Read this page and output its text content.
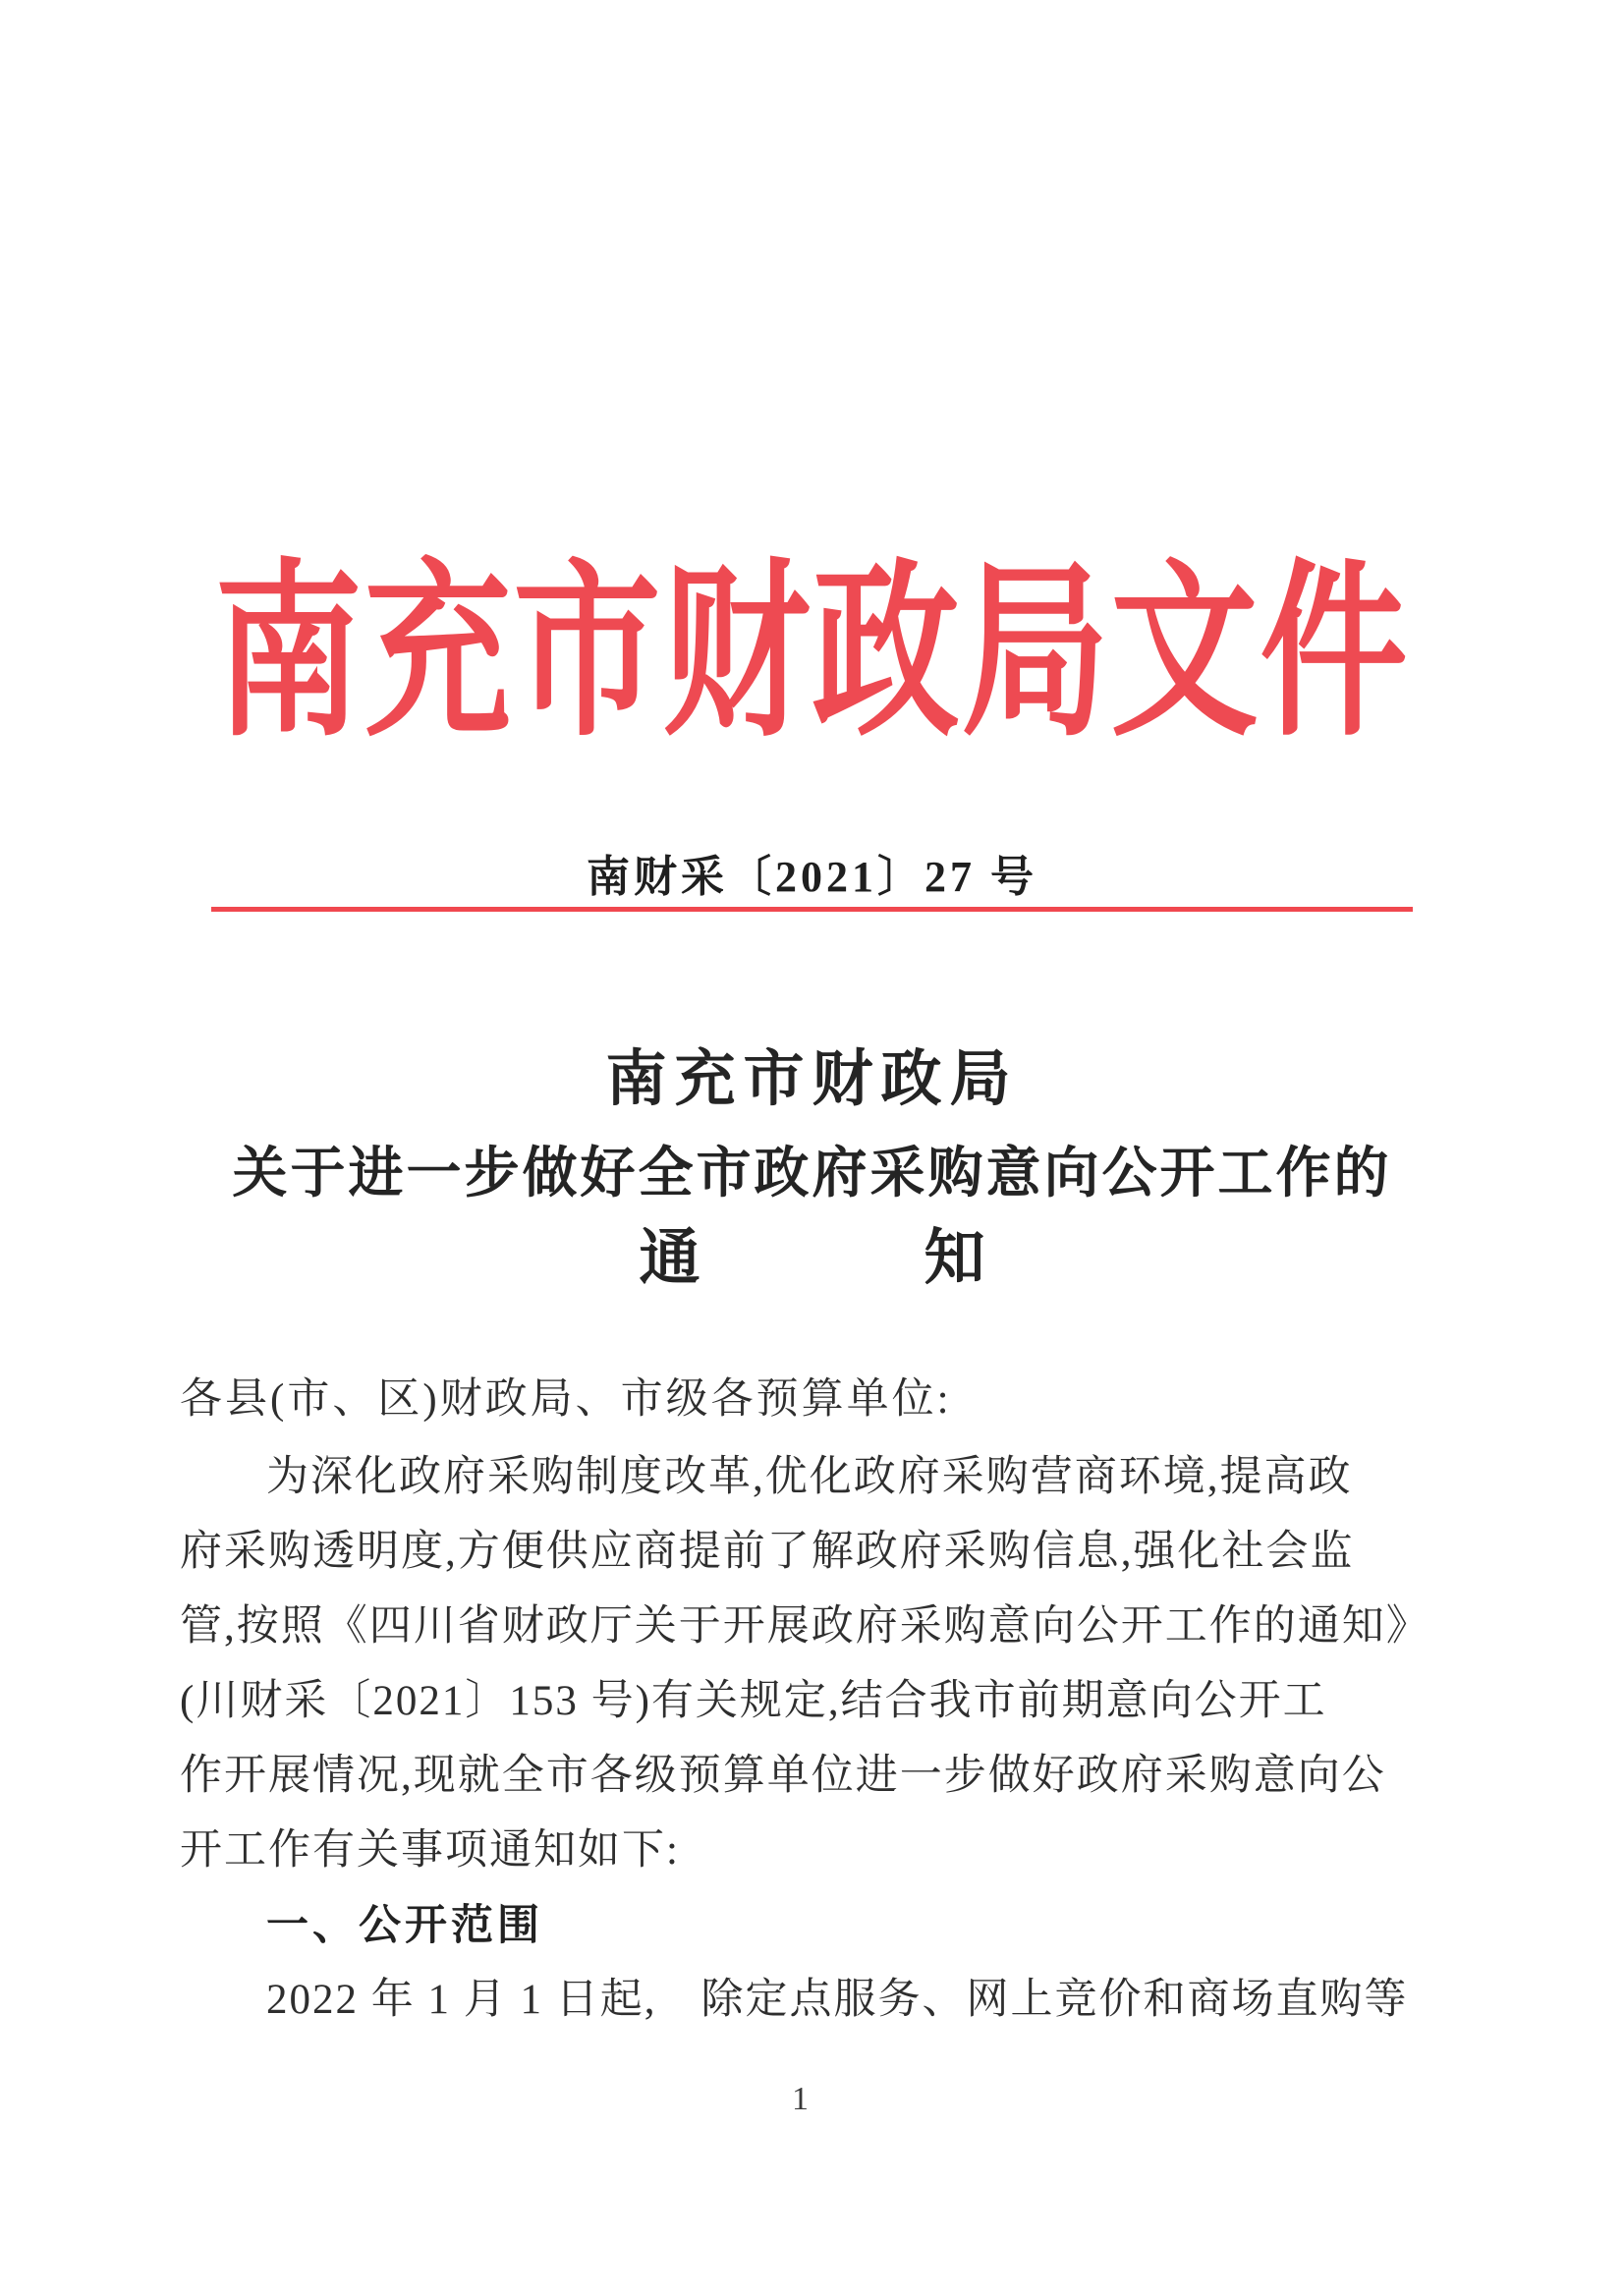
南充市财政局文件
南财采〔2021〕27 号
南充市财政局
关于进一步做好全市政府采购意向公开工作的
通	知
各县(市、区)财政局、市级各预算单位:
为深化政府采购制度改革,优化政府采购营商环境,提高政
府采购透明度,方便供应商提前了解政府采购信息,强化社会监
管,按照《四川省财政厅关于开展政府采购意向公开工作的通知》
(川财采〔2021〕153 号)有关规定,结合我市前期意向公开工
作开展情况,现就全市各级预算单位进一步做好政府采购意向公
开工作有关事项通知如下:
一、公开范围
2022 年 1 月 1 日起,　除定点服务、网上竞价和商场直购等
1
